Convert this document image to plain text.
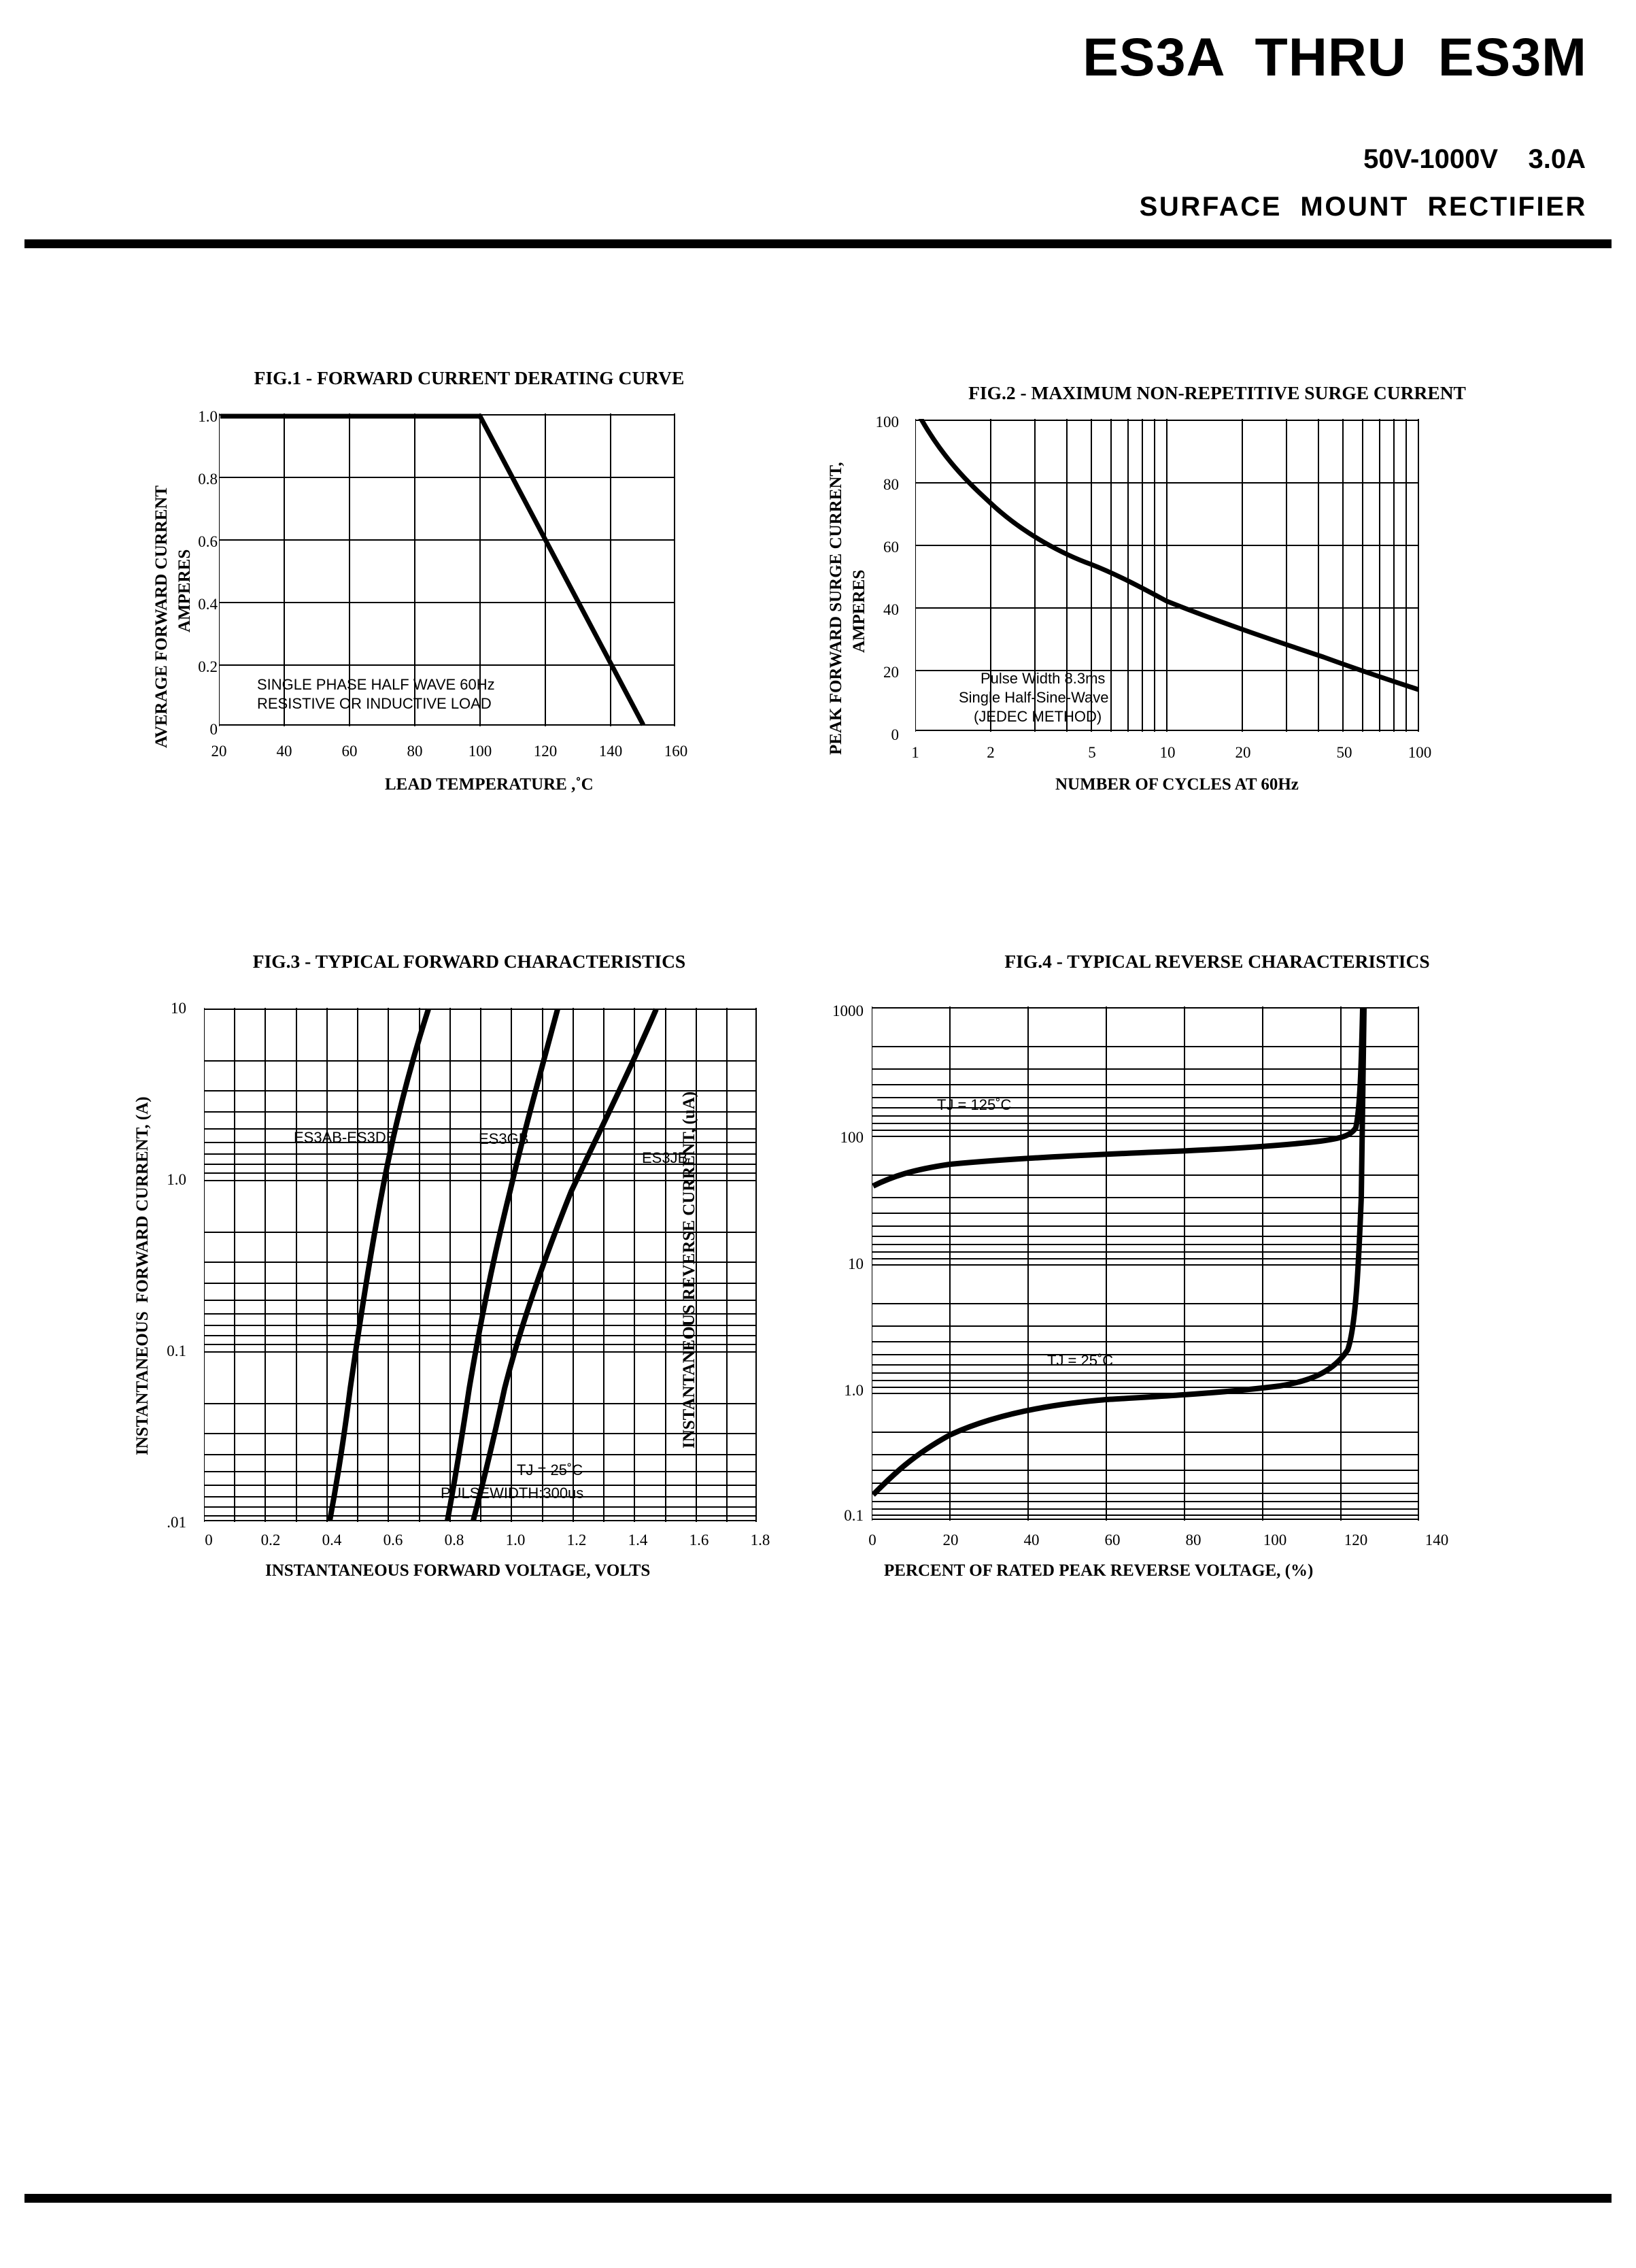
ES3A  THRU  ES3M
50V-1000V    3.0A
SURFACE  MOUNT  RECTIFIER
FIG.1 - FORWARD CURRENT DERATING CURVE
AVERAGE FORWARD CURRENT AMPERES
LEAD TEMPERATURE ,˚C
1.0
0.8
0.6
0.4
0.2
0
20	40	60	80	100	120	140	160
SINGLE PHASE HALF WAVE 60Hz
RESISTIVE OR INDUCTIVE LOAD
FIG.2 - MAXIMUM NON-REPETITIVE SURGE CURRENT
PEAK FORWARD SURGE CURRENT, AMPERES
NUMBER OF CYCLES AT 60Hz
100
80
60
40
20
0
1	2	5	10	20	50	100
Pulse Width 8.3ms
Single Half-Sine-Wave
(JEDEC METHOD)
FIG.3 - TYPICAL FORWARD CHARACTERISTICS
INSTANTANEOUS  FORWARD CURRENT, (A)
INSTANTANEOUS FORWARD VOLTAGE, VOLTS
10
1.0
0.1
.01
0	0.2	0.4	0.6	0.8	1.0	1.2	1.4	1.6	1.8
ES3AB-ES3DB	ES3GB
ES3JB
TJ = 25˚C
PULSEWIDTH:300us
FIG.4 - TYPICAL REVERSE CHARACTERISTICS
INSTANTANEOUS REVERSE CURRENT, (uA)
PERCENT OF RATED PEAK REVERSE VOLTAGE, (%)
1000
100
10
1.0
0.1
0	20	40	60	80	100	120	140
TJ = 125˚C
TJ = 25˚C
